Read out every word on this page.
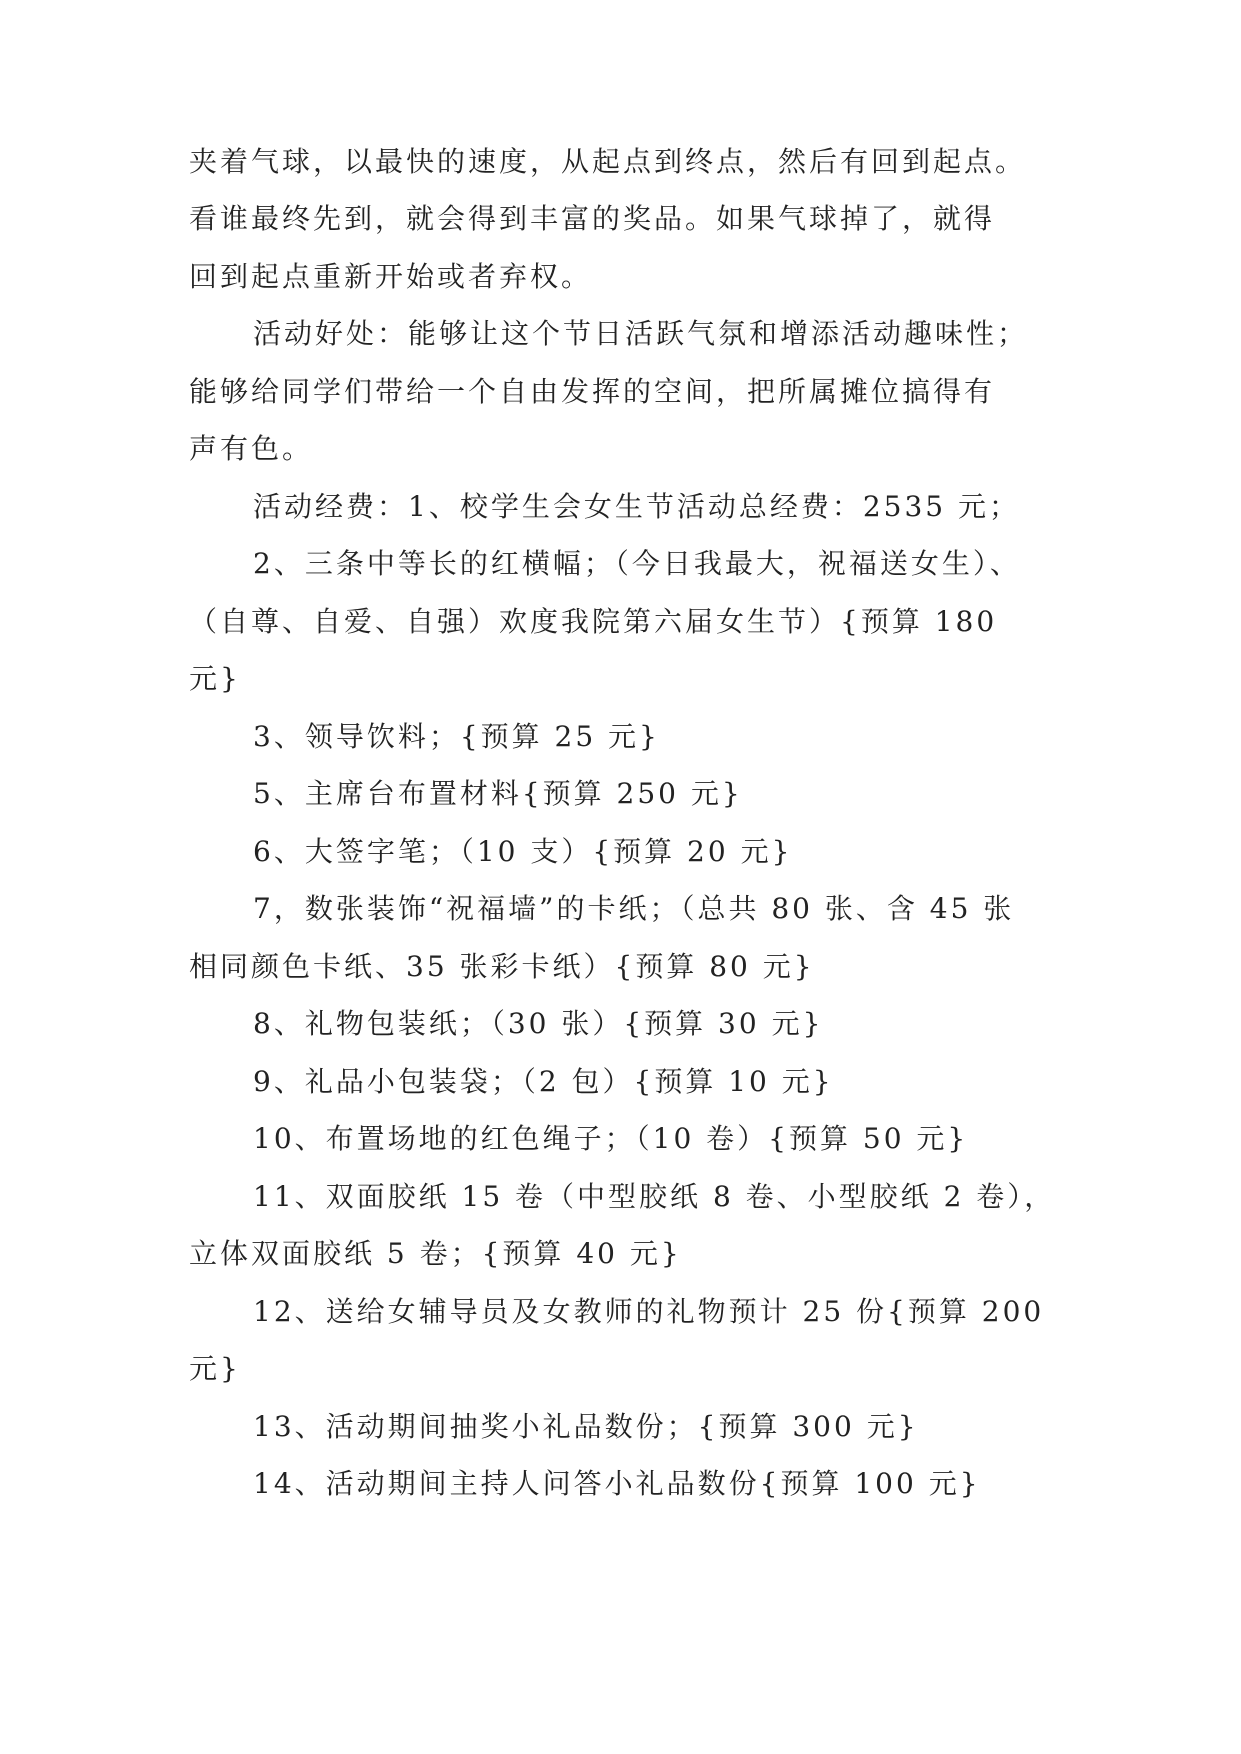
夹着气球，以最快的速度，从起点到终点，然后有回到起点。
看谁最终先到，就会得到丰富的奖品。如果气球掉了，就得
回到起点重新开始或者弃权。
活动好处：能够让这个节日活跃气氛和增添活动趣味性；
能够给同学们带给一个自由发挥的空间，把所属摊位搞得有
声有色。
活动经费：1、校学生会女生节活动总经费：2535 元；
2、三条中等长的红横幅；（今日我最大，祝福送女生）、
（自尊、自爱、自强）欢度我院第六届女生节）{预算 180
元}
3、领导饮料；{预算 25 元}
5、主席台布置材料{预算 250 元}
6、大签字笔；（10 支）{预算 20 元}
7，数张装饰“祝福墙”的卡纸；（总共 80 张、含 45 张
相同颜色卡纸、35 张彩卡纸）{预算 80 元}
8、礼物包装纸；（30 张）{预算 30 元}
9、礼品小包装袋；（2 包）{预算 10 元}
10、布置场地的红色绳子；（10 卷）{预算 50 元}
11、双面胶纸 15 卷（中型胶纸 8 卷、小型胶纸 2 卷），
立体双面胶纸 5 卷；{预算 40 元}
12、送给女辅导员及女教师的礼物预计 25 份{预算 200
元}
13、活动期间抽奖小礼品数份；{预算 300 元}
14、活动期间主持人问答小礼品数份{预算 100 元}
